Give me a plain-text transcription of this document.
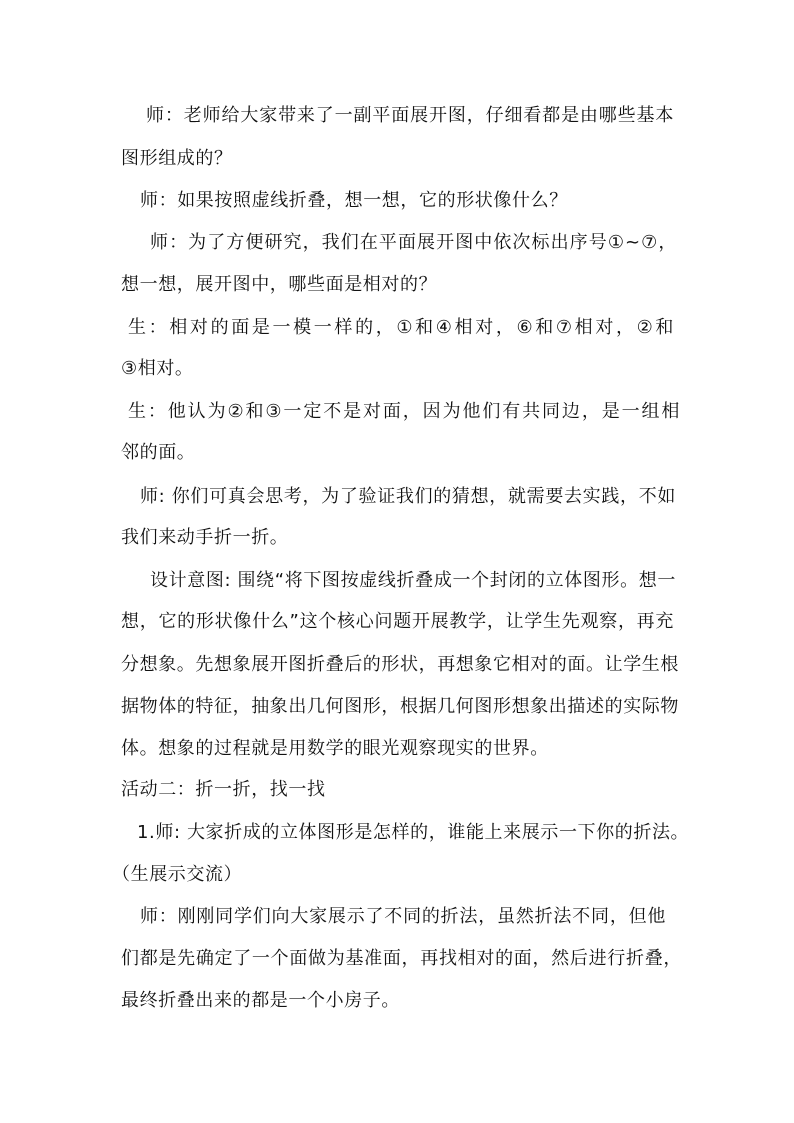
师：老师给大家带来了一副平面展开图，仔细看都是由哪些基本
图形组成的？
师：如果按照虚线折叠，想一想，它的形状像什么？
师：为了方便研究，我们在平面展开图中依次标出序号①~⑦，
想一想，展开图中，哪些面是相对的？
生：相对的面是一模一样的，①和④相对，⑥和⑦相对，②和
③相对。
生：他认为②和③一定不是对面，因为他们有共同边，是一组相
邻的面。
师: 你们可真会思考，为了验证我们的猜想，就需要去实践，不如
我们来动手折一折。
设计意图: 围绕“将下图按虚线折叠成一个封闭的立体图形。想一
想，它的形状像什么”这个核心问题开展教学，让学生先观察，再充
分想象。先想象展开图折叠后的形状，再想象它相对的面。让学生根
据物体的特征，抽象出几何图形，根据几何图形想象出描述的实际物
体。想象的过程就是用数学的眼光观察现实的世界。
活动二：折一折，找一找
1.师: 大家折成的立体图形是怎样的，谁能上来展示一下你的折法。
（生展示交流）
师：刚刚同学们向大家展示了不同的折法，虽然折法不同，但他
们都是先确定了一个面做为基准面，再找相对的面，然后进行折叠，
最终折叠出来的都是一个小房子。
